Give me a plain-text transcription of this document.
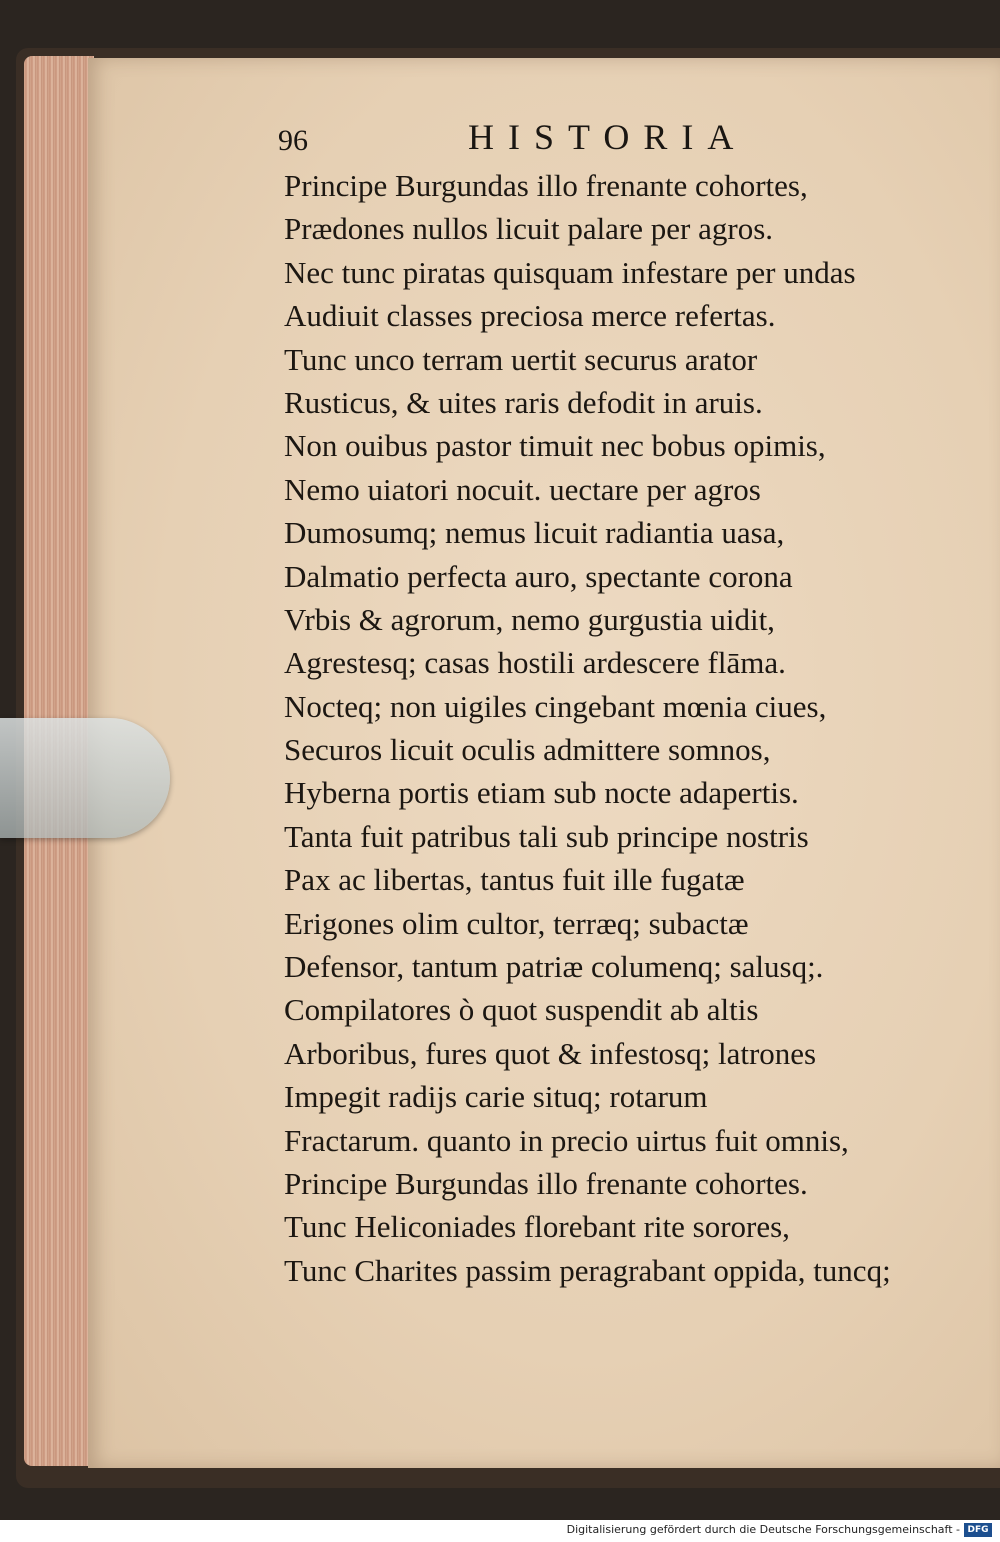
96	HISTORIA
Principe Burgundas illo frenante cohortes,
Prædones nullos licuit palare per agros.
Nec tunc piratas quisquam infestare per undas
Audiuit classes preciosa merce refertas.
Tunc unco terram uertit securus arator
Rusticus, & uites raris defodit in aruis.
Non ouibus pastor timuit nec bobus opimis,
Nemo uiatori nocuit. uectare per agros
Dumosumq; nemus licuit radiantia uasa,
Dalmatio perfecta auro, spectante corona
Vrbis & agrorum, nemo gurgustia uidit,
Agrestesq; casas hostili ardescere flāma.
Nocteq; non uigiles cingebant mœnia ciues,
Securos licuit oculis admittere somnos,
Hyberna portis etiam sub nocte adapertis.
Tanta fuit patribus tali sub principe nostris
Pax ac libertas, tantus fuit ille fugatæ
Erigones olim cultor, terræq; subactæ
Defensor, tantum patriæ columenq; salusq;.
Compilatores ò quot suspendit ab altis
Arboribus, fures quot & infestosq; latrones
Impegit radijs carie situq; rotarum
Fractarum. quanto in precio uirtus fuit omnis,
Principe Burgundas illo frenante cohortes.
Tunc Heliconiades florebant rite sorores,
Tunc Charites passim peragrabant oppida, tuncq;
Digitalisierung gefördert durch die Deutsche Forschungsgemeinschaft - DFG
